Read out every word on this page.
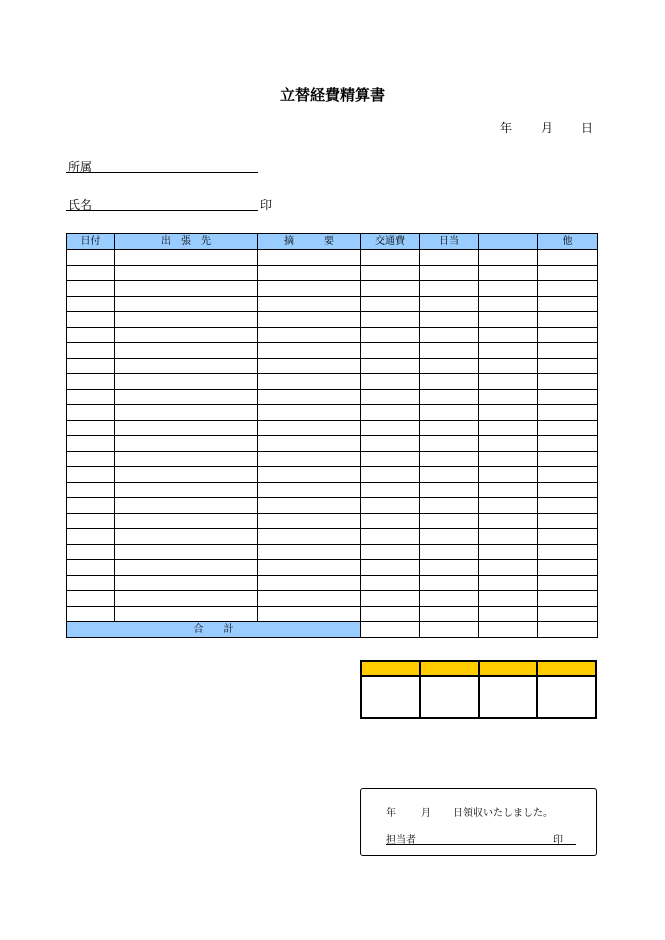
立替経費精算書
年 月 日
所属
氏名	印
日付	出　張　先	摘　　　要	交通費	日当		他

合　　計						

年	月 日領収いたしました。
担当者	印
